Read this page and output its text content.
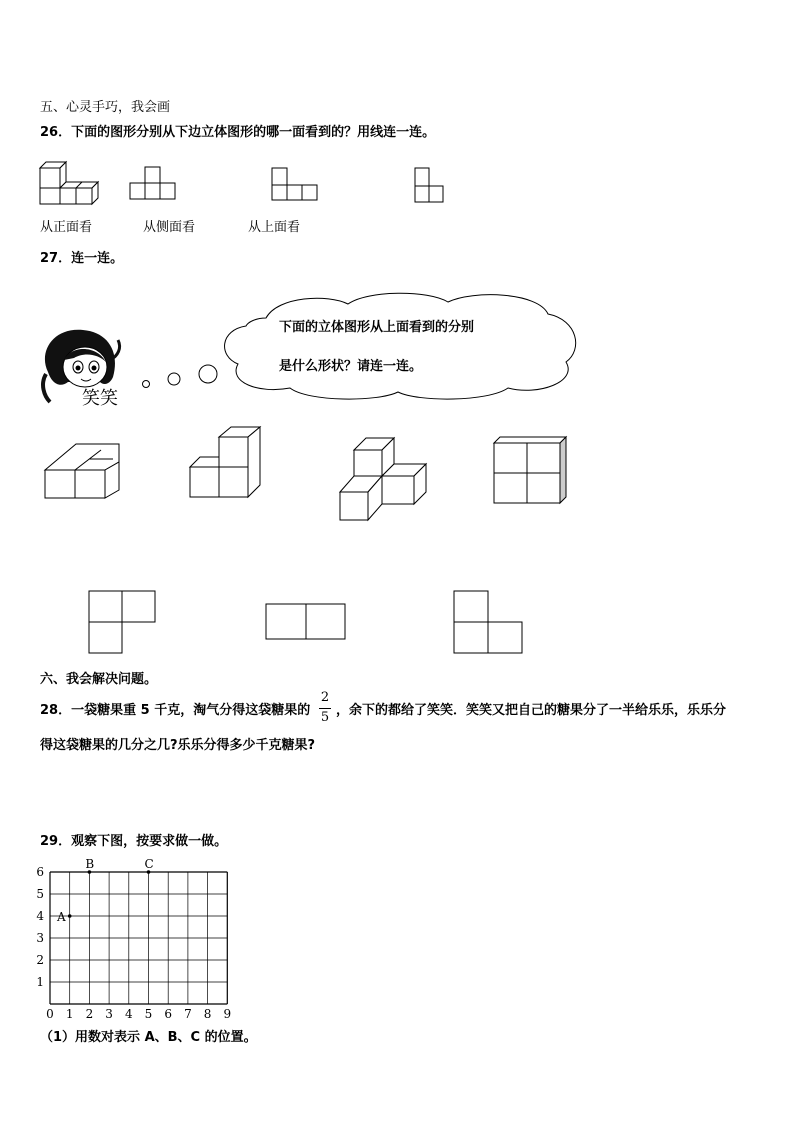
五、心灵手巧，我会画
26．下面的图形分别从下边立体图形的哪一面看到的？用线连一连。
从正面看	从侧面看	从上面看
27．连一连。
笑笑
下面的立体图形从上面看到的分别
是什么形状？请连一连。
六、我会解决问题。
28．一袋糖果重 5 千克，淘气分得这袋糖果的
2
5 ，余下的都给了笑笑．笑笑又把自己的糖果分了一半给乐乐，乐乐分
得这袋糖果的几分之几?乐乐分得多少千克糖果?
29．观察下图，按要求做一做。
0 1 2 3 4 5 6 7 8 9
1
2
3
4
5
6
A
B	C
（1）用数对表示 A、B、C 的位置。
